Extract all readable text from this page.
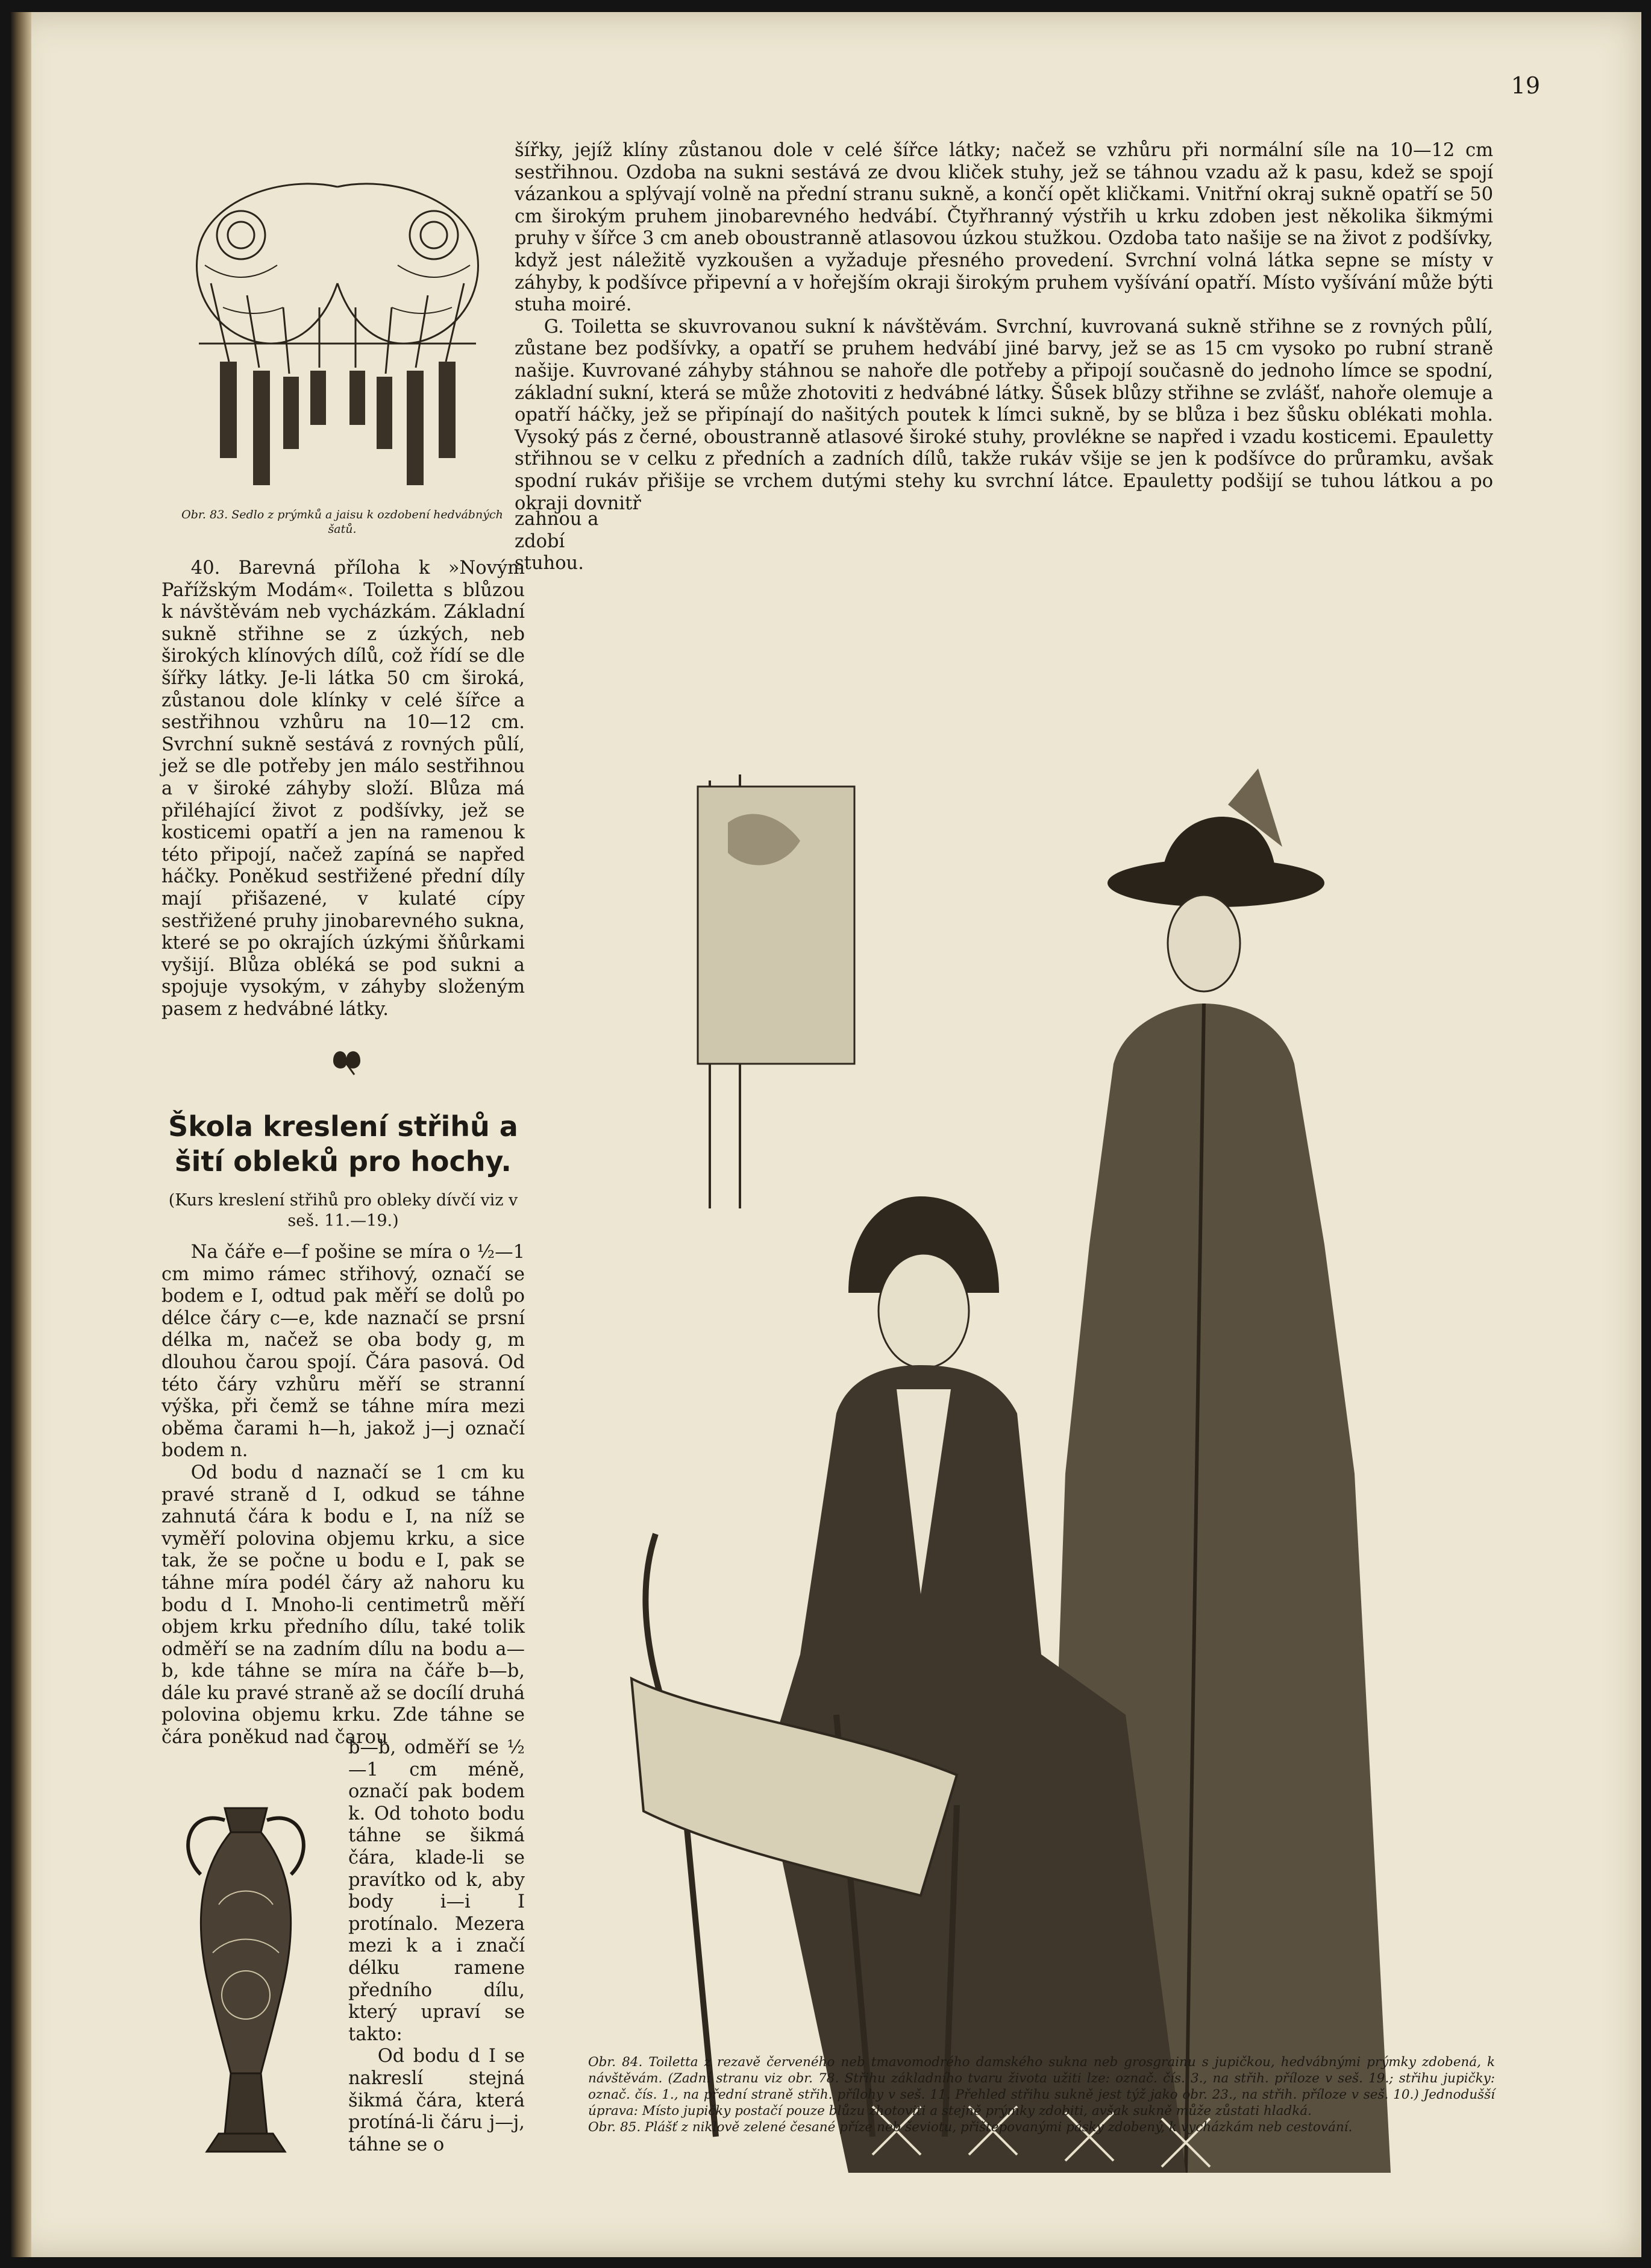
19
Obr. 83. Sedlo z prýmků a jaisu k ozdobení hedvábných šatů.

šířky, jejíž klíny zůstanou dole v celé šířce látky; načež se vzhůru při normální síle na 10—12 cm sestřihnou. Ozdoba na sukni sestává ze dvou kliček stuhy, jež se táhnou vzadu až k pasu, kdež se spojí vázankou a splývají volně na přední stranu sukně, a končí opět kličkami. Vnitřní okraj sukně opatří se 50 cm širokým pruhem jinobarevného hedvábí. Čtyřhranný výstřih u krku zdoben jest několika šikmými pruhy v šířce 3 cm aneb oboustranně atlasovou úzkou stužkou. Ozdoba tato našije se na život z podšívky, když jest náležitě vyzkoušen a vyžaduje přesného provedení. Svrchní volná látka sepne se místy v záhyby, k podšívce připevní a v hořejším okraji širokým pruhem vyšívání opatří. Místo vyšívání může býti stuha moiré.

G. Toiletta se skuvrovanou sukní k návštěvám. Svrchní, kuvrovaná sukně střihne se z rovných půlí, zůstane bez podšívky, a opatří se pruhem hedvábí jiné barvy, jež se as 15 cm vysoko po rubní straně našije. Kuvrované záhyby stáhnou se nahoře dle potřeby a připojí současně do jednoho límce se spodní, základní sukní, která se může zhotoviti z hedvábné látky. Šůsek blůzy střihne se zvlášť, nahoře olemuje a opatří háčky, jež se připínají do našitých poutek k límci sukně, by se blůza i bez šůsku oblékati mohla. Vysoký pás z černé, oboustranně atlasové široké stuhy, provlékne se napřed i vzadu kosticemi. Epauletty střihnou se v celku z předních a zadních dílů, takže rukáv všije se jen k podšívce do průramku, avšak spodní rukáv přišije se vrchem dutými stehy ku svrchní látce. Epauletty podšijí se tuhou látkou a po okraji dovnitř

zahnou a zdobí stuhou.

40. Barevná příloha k »Novým Pařížským Modám«. Toiletta s blůzou k návštěvám neb vycházkám. Základní sukně střihne se z úzkých, neb širokých klínových dílů, což řídí se dle šířky látky. Je-li látka 50 cm široká, zůstanou dole klínky v celé šířce a sestřihnou vzhůru na 10—12 cm. Svrchní sukně sestává z rovných půlí, jež se dle potřeby jen málo sestřihnou a v široké záhyby složí. Blůza má přiléhající život z podšívky, jež se kosticemi opatří a jen na ramenou k této připojí, načež zapíná se napřed háčky. Poněkud sestřižené přední díly mají přišazené, v kulaté cípy sestřižené pruhy jinobarevného sukna, které se po okrajích úzkými šňůrkami vyšijí. Blůza obléká se pod sukni a spojuje vysokým, v záhyby složeným pasem z hedvábné látky.

Škola kreslení střihů a šití obleků pro hochy.
(Kurs kreslení střihů pro obleky dívčí viz v seš. 11.—19.)

Na čáře e—f pošine se míra o ½—1 cm mimo rámec střihový, označí se bodem e I, odtud pak měří se dolů po délce čáry c—e, kde naznačí se prsní délka m, načež se oba body g, m dlouhou čarou spojí. Čára pasová. Od této čáry vzhůru měří se stranní výška, při čemž se táhne míra mezi oběma čarami h—h, jakož j—j označí bodem n.

Od bodu d naznačí se 1 cm ku pravé straně d I, odkud se táhne zahnutá čára k bodu e I, na níž se vyměří polovina objemu krku, a sice tak, že se počne u bodu e I, pak se táhne míra podél čáry až nahoru ku bodu d I. Mnoho-li centimetrů měří objem krku předního dílu, také tolik odměří se na zadním dílu na bodu a—b, kde táhne se míra na čáře b—b, dále ku pravé straně až se docílí druhá polovina objemu krku. Zde táhne se čára poněkud nad čarou

b—b, odměří se ½—1 cm méně, označí pak bodem k. Od tohoto bodu táhne se šikmá čára, klade-li se pravítko od k, aby body i—i I protínalo. Mezera mezi k a i značí délku ramene předního dílu, který upraví se takto:

Od bodu d I se nakreslí stejná šikmá čára, která protíná-li čáru j—j, táhne se o

Obr. 84. Toiletta z rezavě červeného neb tmavomodrého damského sukna neb grosgrainu s jupičkou, hedvábnými prýmky zdobená, k návštěvám. (Zadní stranu viz obr. 78. Střihu základního tvaru života užiti lze: označ. čís. 3., na střih. příloze v seš. 19.; střihu jupičky: označ. čís. 1., na přední straně střih. přílohy v seš. 11. Přehled střihu sukně jest týž jako obr. 23., na střih. příloze v seš. 10.) Jednodušší úprava: Místo jupičky postačí pouze blůzu zhotoviti a stejně prýmky zdobiti, avšak sukně může zůstati hladká.
Obr. 85. Plášť z niklově zelené česané příze neb ševiotu, přištepovanými pásky zdobený, k vycházkám neb cestování.
